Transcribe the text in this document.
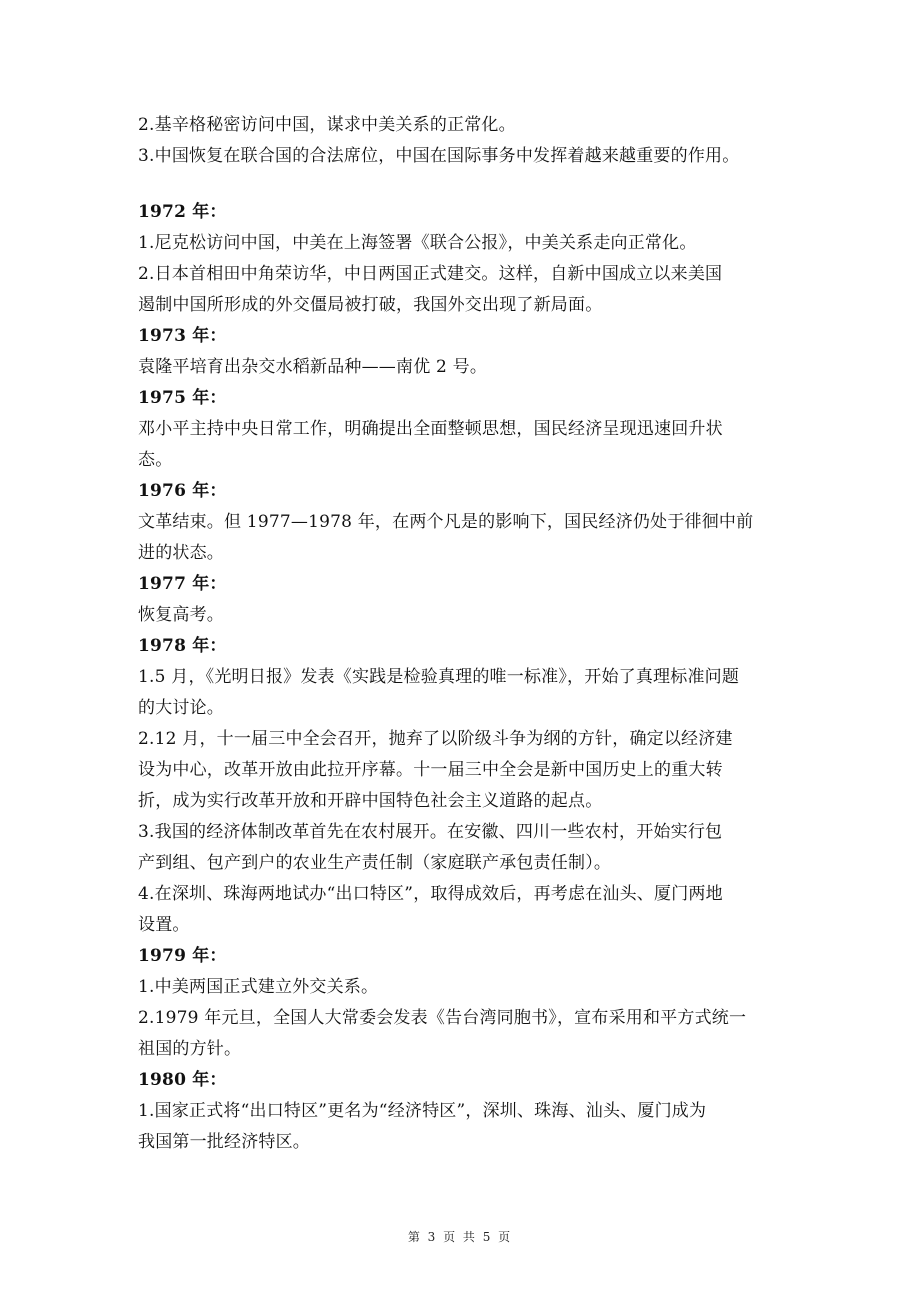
2.基辛格秘密访问中国，谋求中美关系的正常化。
3.中国恢复在联合国的合法席位，中国在国际事务中发挥着越来越重要的作用。
1972 年：
1.尼克松访问中国，中美在上海签署《联合公报》，中美关系走向正常化。
2.日本首相田中角荣访华，中日两国正式建交。这样，自新中国成立以来美国
遏制中国所形成的外交僵局被打破，我国外交出现了新局面。
1973 年：
袁隆平培育出杂交水稻新品种——南优 2 号。
1975 年：
邓小平主持中央日常工作，明确提出全面整顿思想，国民经济呈现迅速回升状
态。
1976 年：
文革结束。但 1977—1978 年，在两个凡是的影响下，国民经济仍处于徘徊中前
进的状态。
1977 年：
恢复高考。
1978 年：
1.5 月，《光明日报》发表《实践是检验真理的唯一标准》，开始了真理标准问题
的大讨论。
2.12 月，十一届三中全会召开，抛弃了以阶级斗争为纲的方针，确定以经济建
设为中心，改革开放由此拉开序幕。十一届三中全会是新中国历史上的重大转
折，成为实行改革开放和开辟中国特色社会主义道路的起点。
3.我国的经济体制改革首先在农村展开。在安徽、四川一些农村，开始实行包
产到组、包产到户的农业生产责任制（家庭联产承包责任制）。
4.在深圳、珠海两地试办“出口特区”，取得成效后，再考虑在汕头、厦门两地
设置。
1979 年：
1.中美两国正式建立外交关系。
2.1979 年元旦，全国人大常委会发表《告台湾同胞书》，宣布采用和平方式统一
祖国的方针。
1980 年：
1.国家正式将“出口特区”更名为“经济特区”，深圳、珠海、汕头、厦门成为
我国第一批经济特区。
第 3 页 共 5 页
